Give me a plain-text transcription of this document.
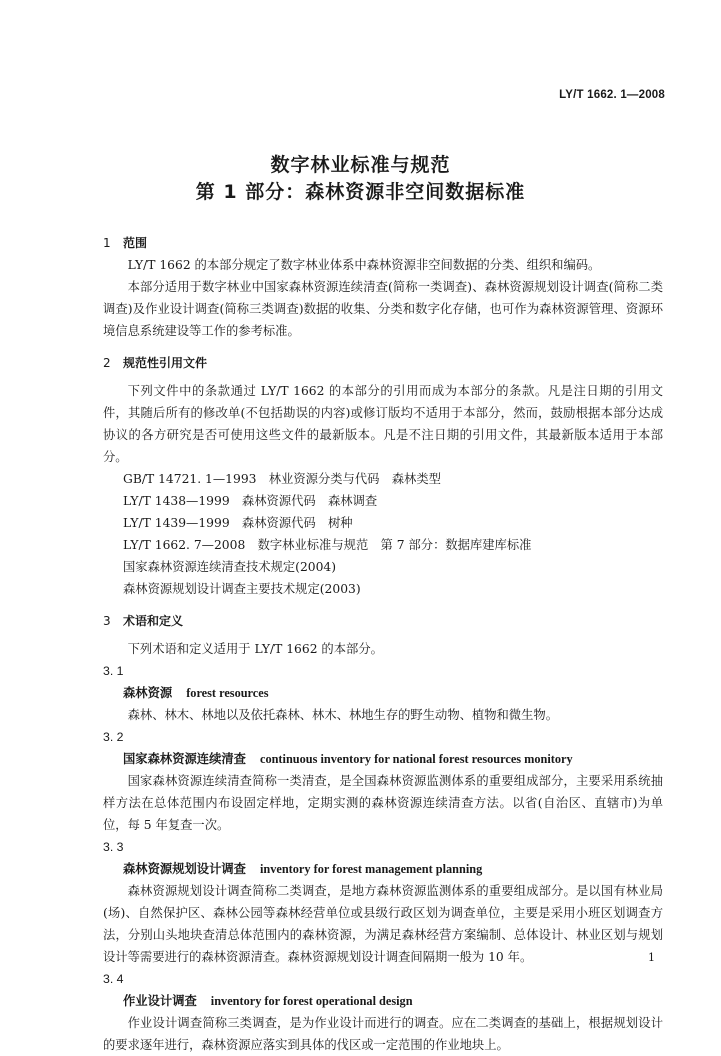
LY/T 1662. 1—2008
数字林业标准与规范
第 1 部分：森林资源非空间数据标准
1 范围

LY/T 1662 的本部分规定了数字林业体系中森林资源非空间数据的分类、组织和编码。

本部分适用于数字林业中国家森林资源连续清查(简称一类调查)、森林资源规划设计调查(简称二类调查)及作业设计调查(简称三类调查)数据的收集、分类和数字化存储，也可作为森林资源管理、资源环境信息系统建设等工作的参考标准。

2 规范性引用文件

下列文件中的条款通过 LY/T 1662 的本部分的引用而成为本部分的条款。凡是注日期的引用文件，其随后所有的修改单(不包括勘误的内容)或修订版均不适用于本部分，然而，鼓励根据本部分达成协议的各方研究是否可使用这些文件的最新版本。凡是不注日期的引用文件，其最新版本适用于本部分。

GB/T 14721. 1—1993　林业资源分类与代码　森林类型
LY/T 1438—1999　森林资源代码　森林调查
LY/T 1439—1999　森林资源代码　树种
LY/T 1662. 7—2008　数字林业标准与规范　第 7 部分：数据库建库标准
国家森林资源连续清查技术规定(2004)
森林资源规划设计调查主要技术规定(2003)
3 术语和定义

下列术语和定义适用于 LY/T 1662 的本部分。

3. 1
森林资源 forest resources

森林、林木、林地以及依托森林、林木、林地生存的野生动物、植物和微生物。

3. 2
国家森林资源连续清查 continuous inventory for national forest resources monitory

国家森林资源连续清查简称一类清查，是全国森林资源监测体系的重要组成部分，主要采用系统抽样方法在总体范围内布设固定样地，定期实测的森林资源连续清查方法。以省(自治区、直辖市)为单位，每 5 年复查一次。

3. 3
森林资源规划设计调查 inventory for forest management planning

森林资源规划设计调查简称二类调查，是地方森林资源监测体系的重要组成部分。是以国有林业局(场)、自然保护区、森林公园等森林经营单位或县级行政区划为调查单位，主要是采用小班区划调查方法，分别山头地块查清总体范围内的森林资源，为满足森林经营方案编制、总体设计、林业区划与规划设计等需要进行的森林资源清查。森林资源规划设计调查间隔期一般为 10 年。

3. 4
作业设计调查 inventory for forest operational design

作业设计调查简称三类调查，是为作业设计而进行的调查。应在二类调查的基础上，根据规划设计的要求逐年进行，森林资源应落实到具体的伐区或一定范围的作业地块上。

1
